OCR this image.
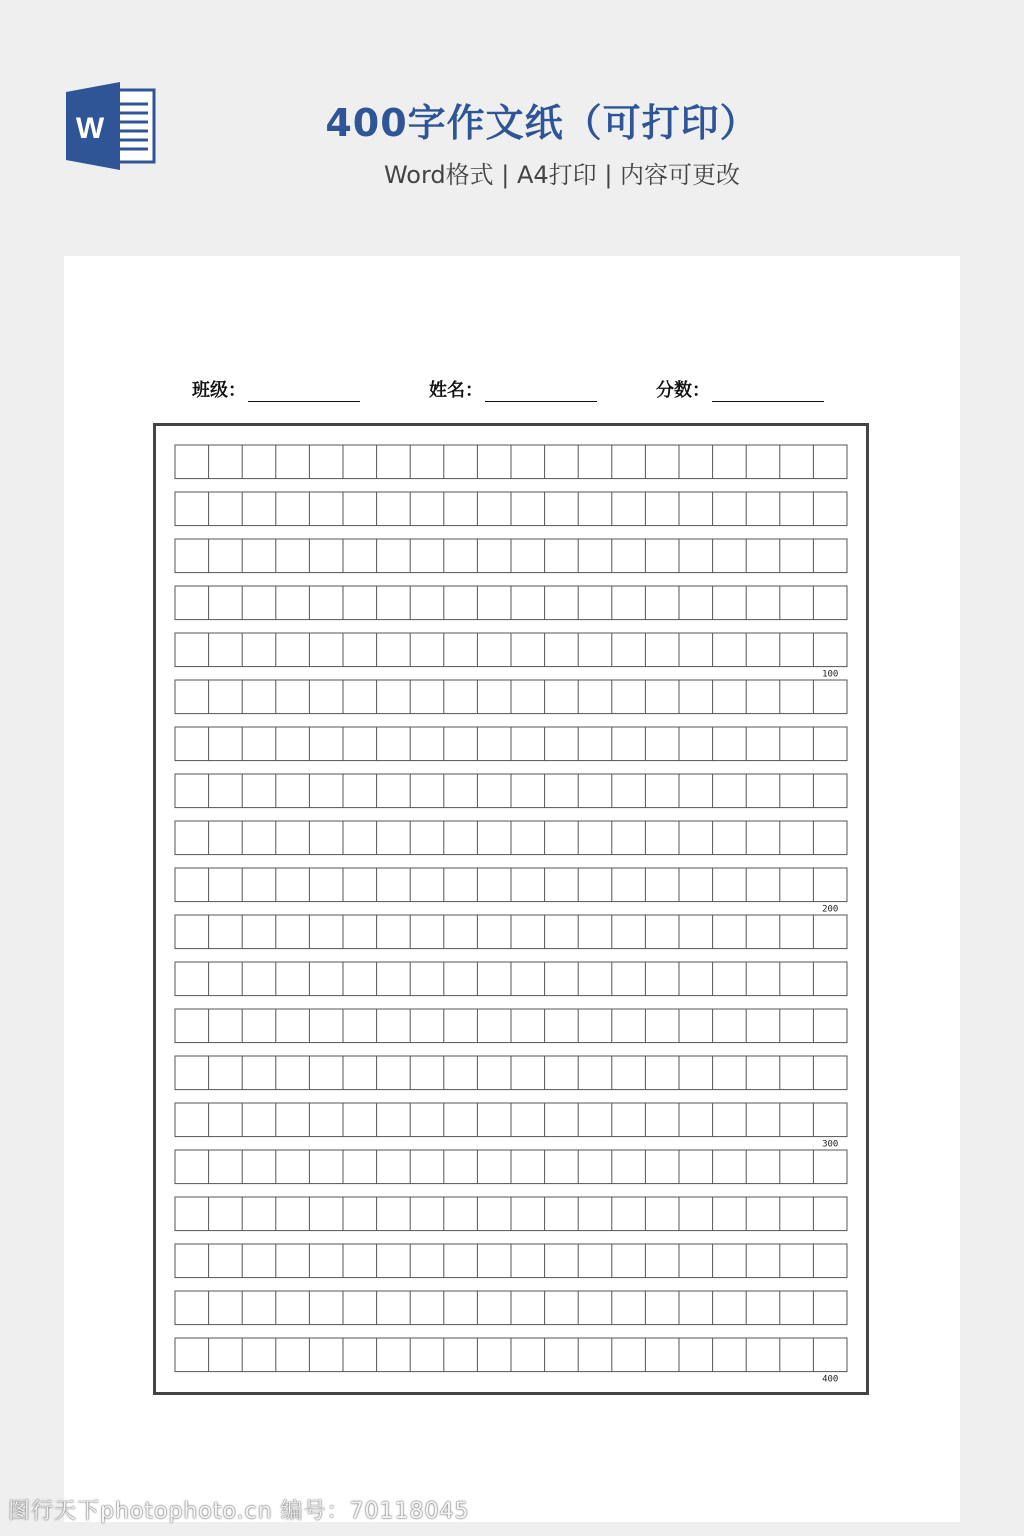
W	400字作文纸（可打印）
Word格式 | A4打印 | 内容可更改
班级：	姓名：	分数：
100
200
300
400
图行天下photophoto.cn 编号：70118045
